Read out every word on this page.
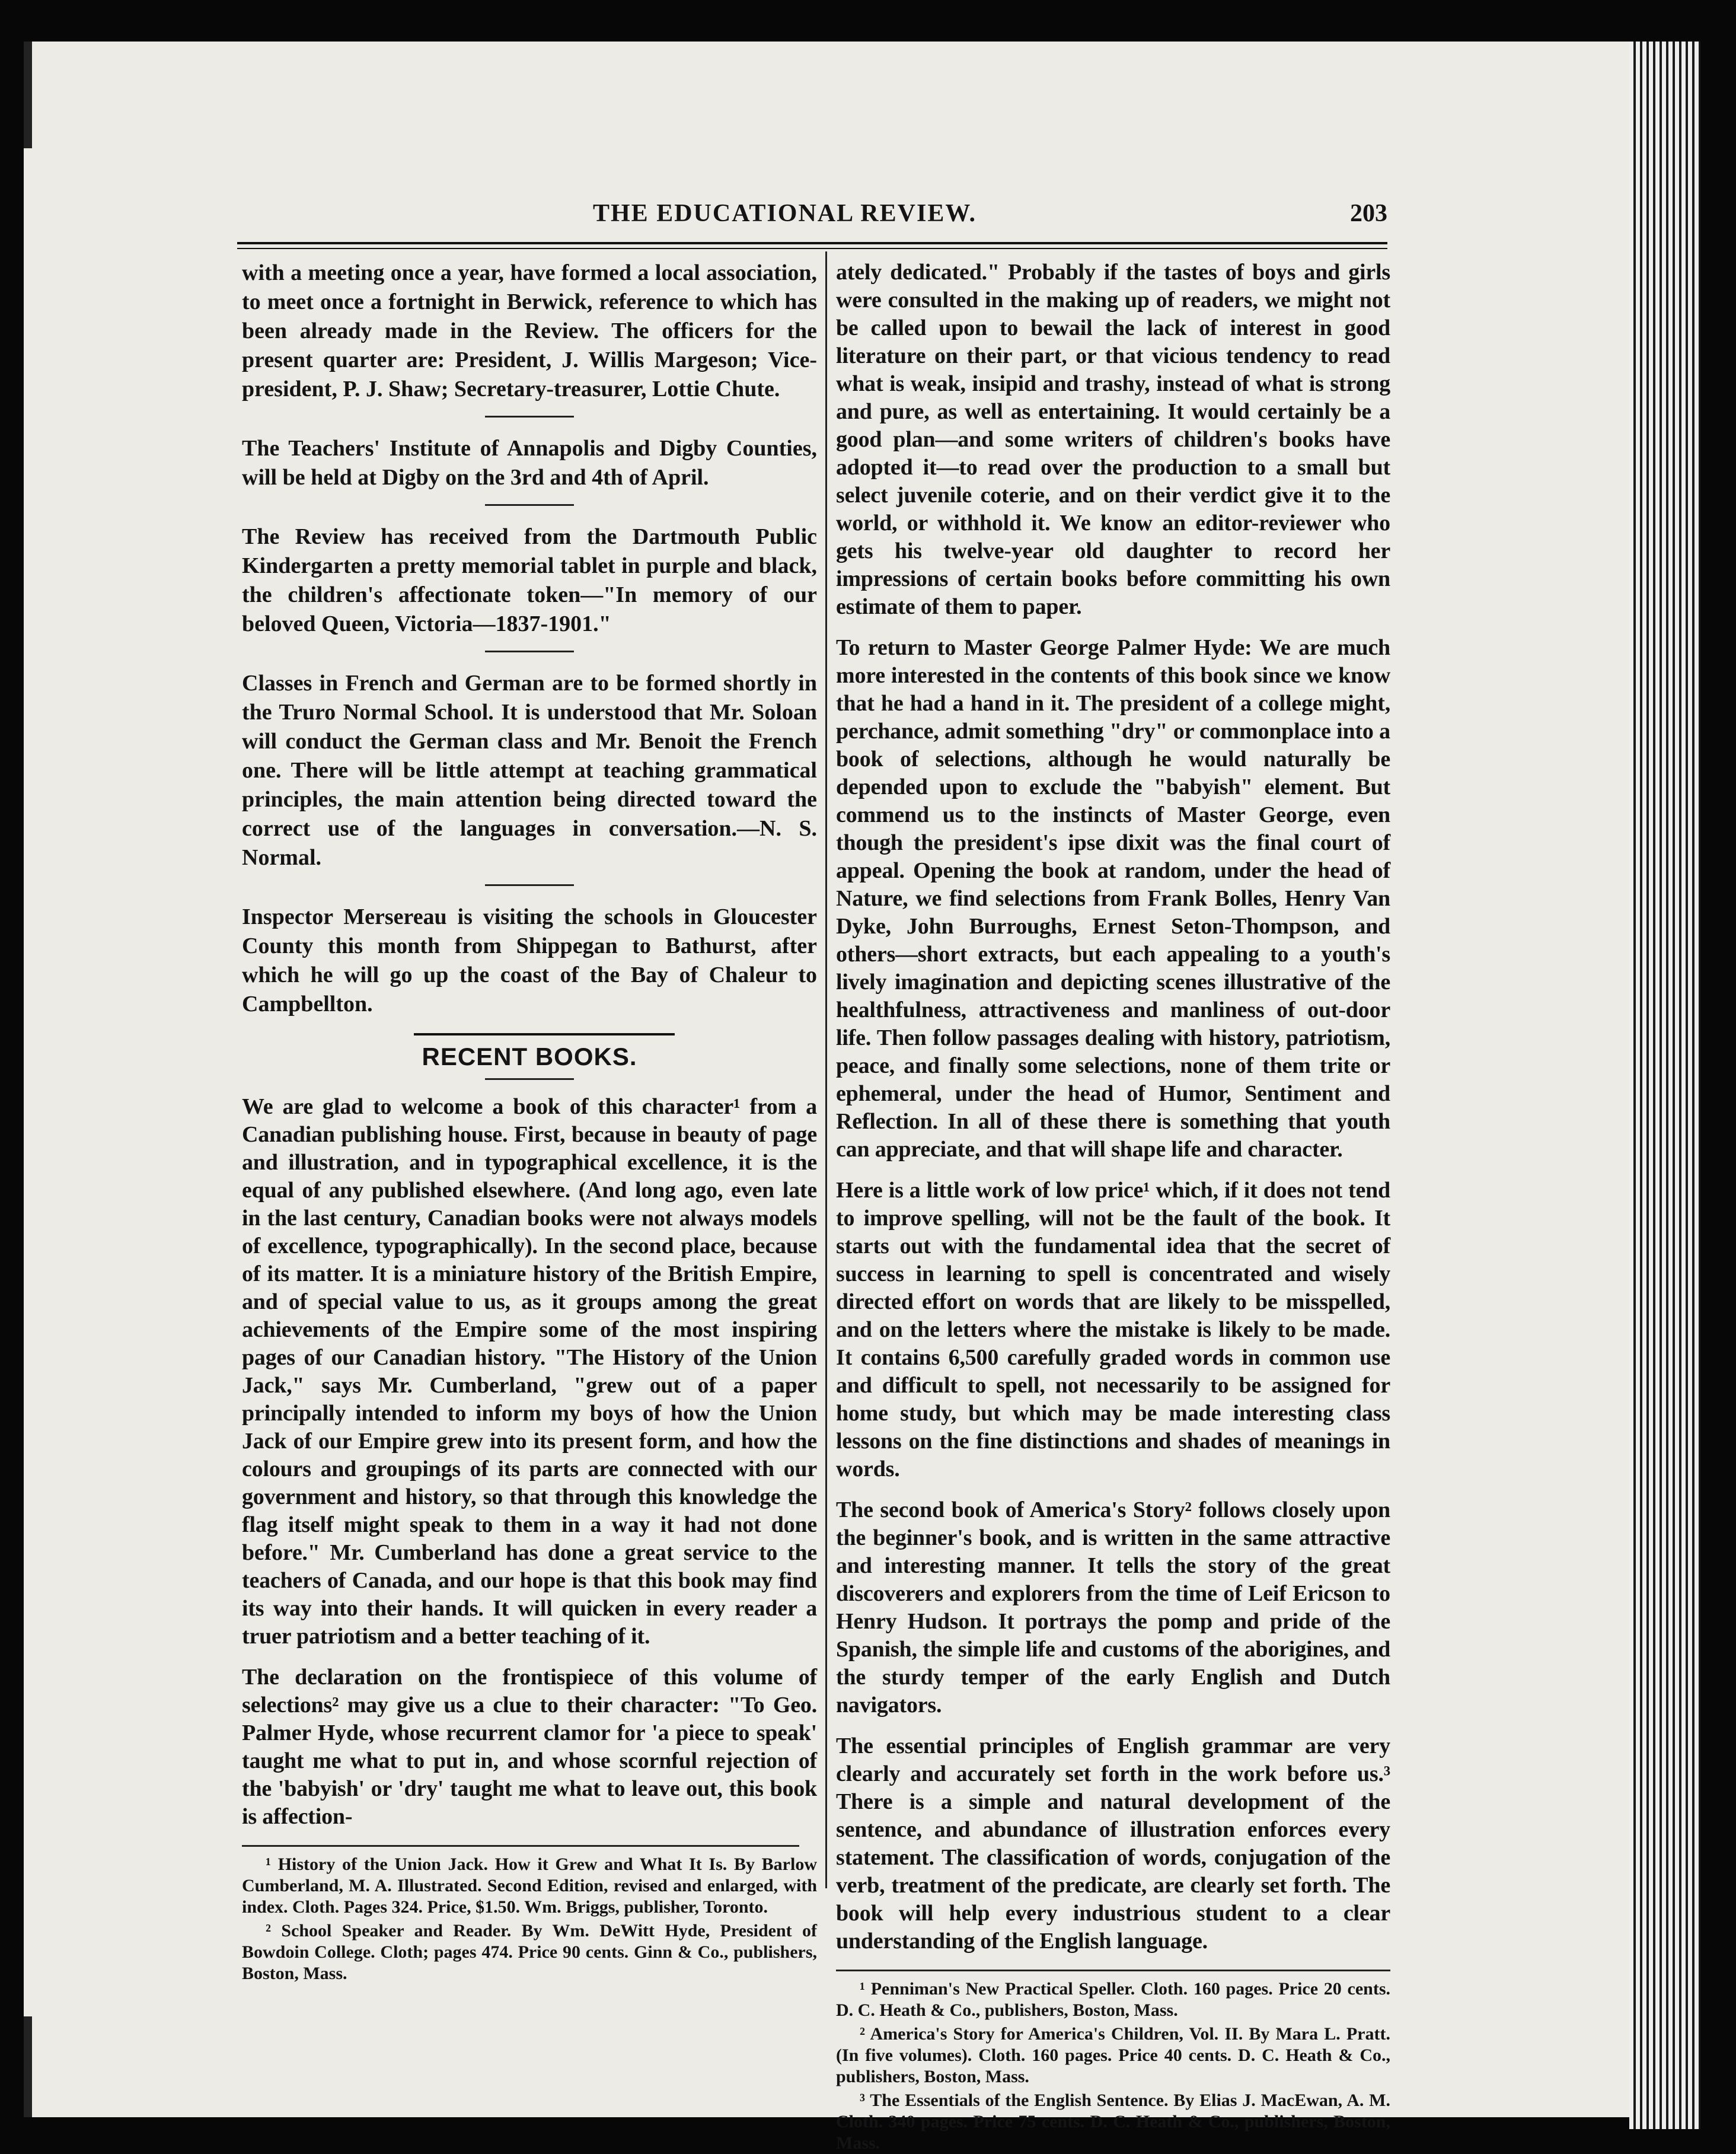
THE EDUCATIONAL REVIEW.	203

with a meeting once a year, have formed a local association, to meet once a fortnight in Berwick, reference to which has been already made in the Review. The officers for the present quarter are: President, J. Willis Margeson; Vice-president, P. J. Shaw; Secretary-treasurer, Lottie Chute.

The Teachers' Institute of Annapolis and Digby Counties, will be held at Digby on the 3rd and 4th of April.

The Review has received from the Dartmouth Public Kindergarten a pretty memorial tablet in purple and black, the children's affectionate token—"In memory of our beloved Queen, Victoria—1837-1901."

Classes in French and German are to be formed shortly in the Truro Normal School. It is understood that Mr. Soloan will conduct the German class and Mr. Benoit the French one. There will be little attempt at teaching grammatical principles, the main attention being directed toward the correct use of the languages in conversation.—N. S. Normal.

Inspector Mersereau is visiting the schools in Gloucester County this month from Shippegan to Bathurst, after which he will go up the coast of the Bay of Chaleur to Campbellton.

RECENT BOOKS.

We are glad to welcome a book of this character¹ from a Canadian publishing house. First, because in beauty of page and illustration, and in typographical excellence, it is the equal of any published elsewhere. (And long ago, even late in the last century, Canadian books were not always models of excellence, typographically). In the second place, because of its matter. It is a miniature history of the British Empire, and of special value to us, as it groups among the great achievements of the Empire some of the most inspiring pages of our Canadian history. "The History of the Union Jack," says Mr. Cumberland, "grew out of a paper principally intended to inform my boys of how the Union Jack of our Empire grew into its present form, and how the colours and groupings of its parts are connected with our government and history, so that through this knowledge the flag itself might speak to them in a way it had not done before." Mr. Cumberland has done a great service to the teachers of Canada, and our hope is that this book may find its way into their hands. It will quicken in every reader a truer patriotism and a better teaching of it.

The declaration on the frontispiece of this volume of selections² may give us a clue to their character: "To Geo. Palmer Hyde, whose recurrent clamor for 'a piece to speak' taught me what to put in, and whose scornful rejection of the 'babyish' or 'dry' taught me what to leave out, this book is affection-

¹ History of the Union Jack. How it Grew and What It Is. By Barlow Cumberland, M. A. Illustrated. Second Edition, revised and enlarged, with index. Cloth. Pages 324. Price, $1.50. Wm. Briggs, publisher, Toronto.

² School Speaker and Reader. By Wm. DeWitt Hyde, President of Bowdoin College. Cloth; pages 474. Price 90 cents. Ginn & Co., publishers, Boston, Mass.

ately dedicated." Probably if the tastes of boys and girls were consulted in the making up of readers, we might not be called upon to bewail the lack of interest in good literature on their part, or that vicious tendency to read what is weak, insipid and trashy, instead of what is strong and pure, as well as entertaining. It would certainly be a good plan—and some writers of children's books have adopted it—to read over the production to a small but select juvenile coterie, and on their verdict give it to the world, or withhold it. We know an editor-reviewer who gets his twelve-year old daughter to record her impressions of certain books before committing his own estimate of them to paper.

To return to Master George Palmer Hyde: We are much more interested in the contents of this book since we know that he had a hand in it. The president of a college might, perchance, admit something "dry" or commonplace into a book of selections, although he would naturally be depended upon to exclude the "babyish" element. But commend us to the instincts of Master George, even though the president's ipse dixit was the final court of appeal. Opening the book at random, under the head of Nature, we find selections from Frank Bolles, Henry Van Dyke, John Burroughs, Ernest Seton-Thompson, and others—short extracts, but each appealing to a youth's lively imagination and depicting scenes illustrative of the healthfulness, attractiveness and manliness of out-door life. Then follow passages dealing with history, patriotism, peace, and finally some selections, none of them trite or ephemeral, under the head of Humor, Sentiment and Reflection. In all of these there is something that youth can appreciate, and that will shape life and character.

Here is a little work of low price¹ which, if it does not tend to improve spelling, will not be the fault of the book. It starts out with the fundamental idea that the secret of success in learning to spell is concentrated and wisely directed effort on words that are likely to be misspelled, and on the letters where the mistake is likely to be made. It contains 6,500 carefully graded words in common use and difficult to spell, not necessarily to be assigned for home study, but which may be made interesting class lessons on the fine distinctions and shades of meanings in words.

The second book of America's Story² follows closely upon the beginner's book, and is written in the same attractive and interesting manner. It tells the story of the great discoverers and explorers from the time of Leif Ericson to Henry Hudson. It portrays the pomp and pride of the Spanish, the simple life and customs of the aborigines, and the sturdy temper of the early English and Dutch navigators.

The essential principles of English grammar are very clearly and accurately set forth in the work before us.³ There is a simple and natural development of the sentence, and abundance of illustration enforces every statement. The classification of words, conjugation of the verb, treatment of the predicate, are clearly set forth. The book will help every industrious student to a clear understanding of the English language.

¹ Penniman's New Practical Speller. Cloth. 160 pages. Price 20 cents. D. C. Heath & Co., publishers, Boston, Mass.

² America's Story for America's Children, Vol. II. By Mara L. Pratt. (In five volumes). Cloth. 160 pages. Price 40 cents. D. C. Heath & Co., publishers, Boston, Mass.

³ The Essentials of the English Sentence. By Elias J. MacEwan, A. M. Cloth. 340 pages. Price 75 cents. D. C. Heath & Co., publishers, Boston, Mass.
